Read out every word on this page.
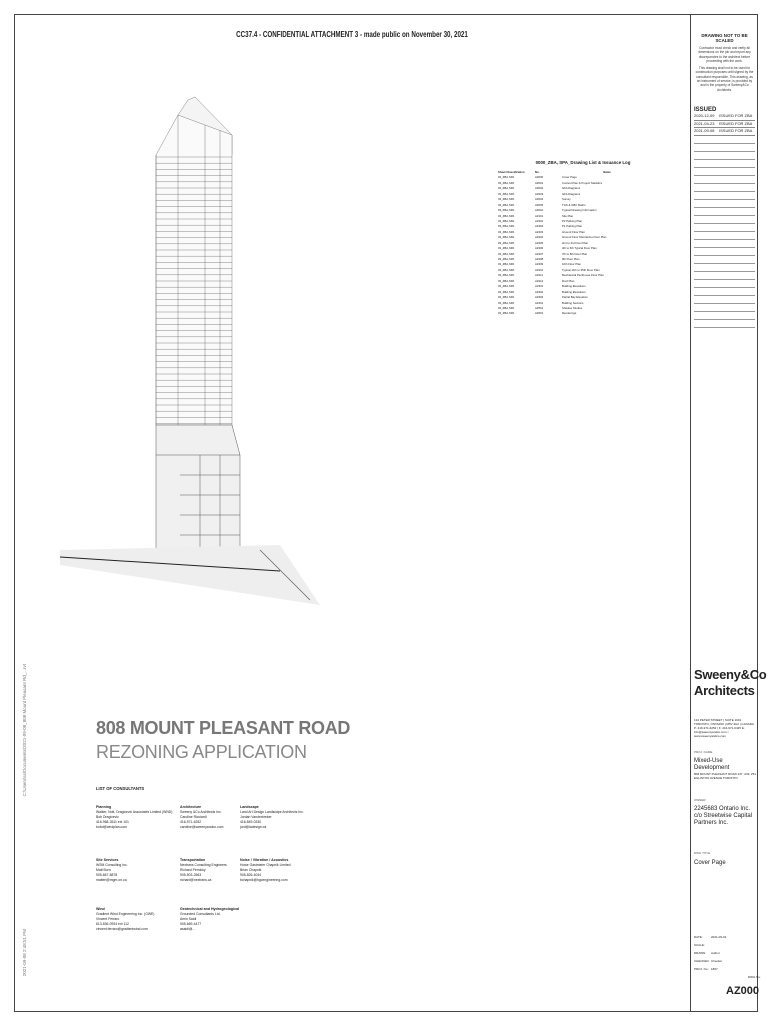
CC37.4 - CONFIDENTIAL ATTACHMENT 3 - made public on November 30, 2021
0000_ZBA, SPA_Drawing List & Issuance Log
Sheet Classification	No.	Name
03_ZBA,SPA	AZ000	Cover Page
03_ZBA,SPA	AZ001	Context Plan & Project Statistics
03_ZBA,SPA	AZ002	GFA Diagrams
03_ZBA,SPA	AZ003	GFA Diagrams
03_ZBA,SPA	AZ004	Survey
03_ZBA,SPA	AZ005	TGS & OBC Matrix
03_ZBA,SPA	AZ010	Typical Drawing Information
03_ZBA,SPA	AZ101	Site Plan
03_ZBA,SPA	AZ201	P2 Parking Plan
03_ZBA,SPA	AZ202	P1 Parking Plan
03_ZBA,SPA	AZ203	Ground Floor Plan
03_ZBA,SPA	AZ204	Ground Floor Mezzanine Floor Plan
03_ZBA,SPA	AZ205	2nd to 3rd Floor Plan
03_ZBA,SPA	AZ206	4th to 6th Typical Floor Plan
03_ZBA,SPA	AZ207	7th to 8th Floor Plan
03_ZBA,SPA	AZ208	9th Floor Plan
03_ZBA,SPA	AZ209	10th Floor Plan
03_ZBA,SPA	AZ210	Typical 11th to 35th Floor Plan
03_ZBA,SPA	AZ211	Mechanical Penthouse Floor Plan
03_ZBA,SPA	AZ212	Roof Plan
03_ZBA,SPA	AZ301	Building Elevations
03_ZBA,SPA	AZ302	Building Elevations
03_ZBA,SPA	AZ303	Partial Bay Elevation
03_ZBA,SPA	AZ401	Building Sections
03_ZBA,SPA	AZ501	Shadow Studies
03_ZBA,SPA	AZ601	Renderings
808 MOUNT PLEASANT ROAD
REZONING APPLICATION
LIST OF CONSULTANTS
Planning
Walker, Nott, Dragicevic Associates Limited (WND)
Bob Dragicevic
416-968-3511 ext 101
bobd@wndplan.com
Architecture
Sweeny &Co Architects Inc.
Caroline Ricciardi
416-971-6252
caroline@sweenyandco.com
Landscape
Land Art Design Landscape Architects Inc.
Jordan Vanderbreker
416-849-0330
jord@ladesign.ca
Site Services
WSM Consulting Inc.
Matt Burn
905-667-8878
matten@mgm.on.ca
Transportation
Nextrans Consulting Engineers
Richard Pernicky
905-503-2563
richard@nextrans.ca
Noise / Vibration / Acoustics
Howe Gastmeier Chapnik Limited
Brian Chapnik
905-826-4044
bchapnik@hgcengineering.com
Wind
Gradient Wind Engineering Inc. (GWE)
Vincent Ferraro
613-836-0934 ext 112
vincent.ferraro@gradientwind.com
Geotechnical and Hydrogeological
Grounded Consultants Ltd.
Amin Saidi
905-669-4477
asaidi@...
C:\Users\ss\Documents\2021-09-08_808 Mount Pleasant Rd_...rvt
2021-09-08 2:48:51 PM
DRAWING NOT TO BE SCALED
Contractor must check and verify all dimensions on the job and report any discrepancies to the architect before proceeding with the work.
This drawing shall not to be used for construction purposes until signed by the consultant responsible. This drawing, as an instrument of service, is provided by and is the property of Sweeny&Co Architects.
ISSUED
2020-12-09	ISSUED FOR ZBA
2021-04-23	ISSUED FOR ZBA
2021-09-08	ISSUED FOR ZBA
PROJ. NAME
Mixed-Use Development
808 MOUNT PLEASANT ROAD 247, 249, 251 EGLINTON AVENUE TORONTO
OWNER
2245683 Ontario Inc. c/o Streetwise Capital Partners Inc.
DWG TITLE
Cover Page
DATE:	2021-09-01
SCALE:
DRAWN:	Author
CHECKED: Checker
PROJ. No.: 1867
Sweeny&Co
Architects
134 PETER STREET | SUITE 1601 TORONTO, ONTARIO | M5V 2H2 | CANADA P: 416-971-6252 | F: 416-971-6425 E: info@sweenyandco.com | www.sweenyandco.com
DWG No.
AZ000
